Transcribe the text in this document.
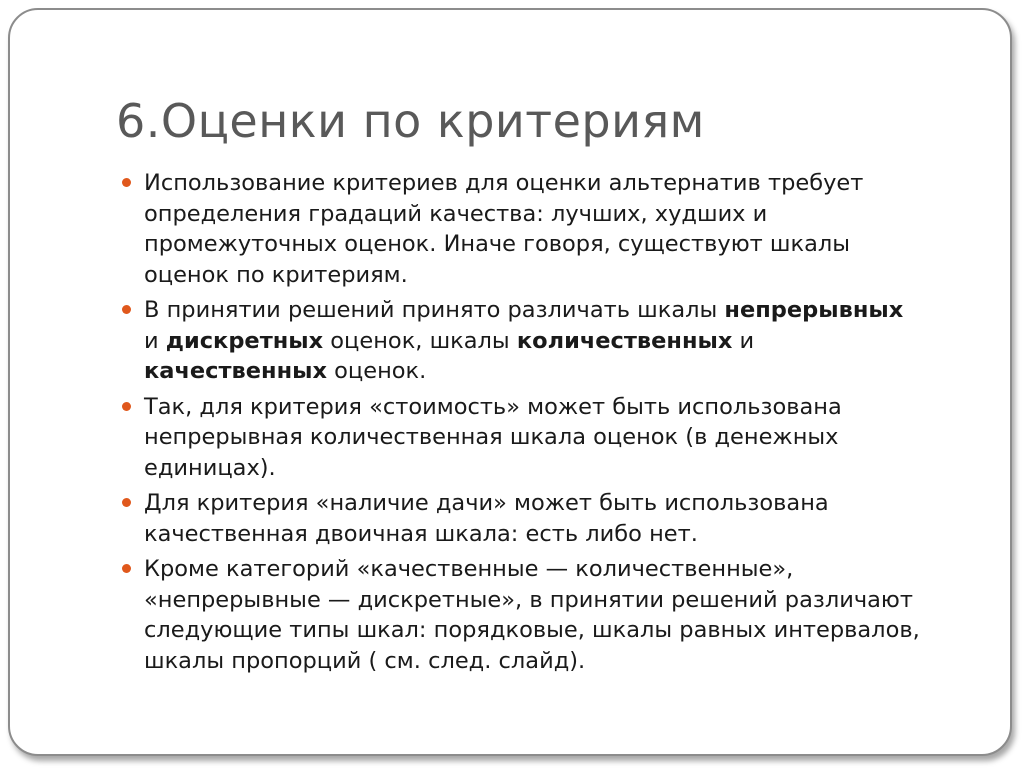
6.Оценки по критериям
Использование критериев для оценки альтернатив требует определения градаций качества: лучших, худших и промежуточных оценок. Иначе говоря, существуют шкалы оценок по критериям.
В принятии решений принято различать шкалы непрерывных и дискретных оценок, шкалы количественных и качественных оценок.
Так, для критерия «стоимость» может быть использована непрерывная количественная шкала оценок (в денежных единицах).
Для критерия «наличие дачи» может быть использована качественная двоичная шкала: есть либо нет.
Кроме категорий «качественные — количественные», «непрерывные — дискретные», в принятии решений различают следующие типы шкал: порядковые, шкалы равных интервалов, шкалы пропорций ( см. след. слайд).
